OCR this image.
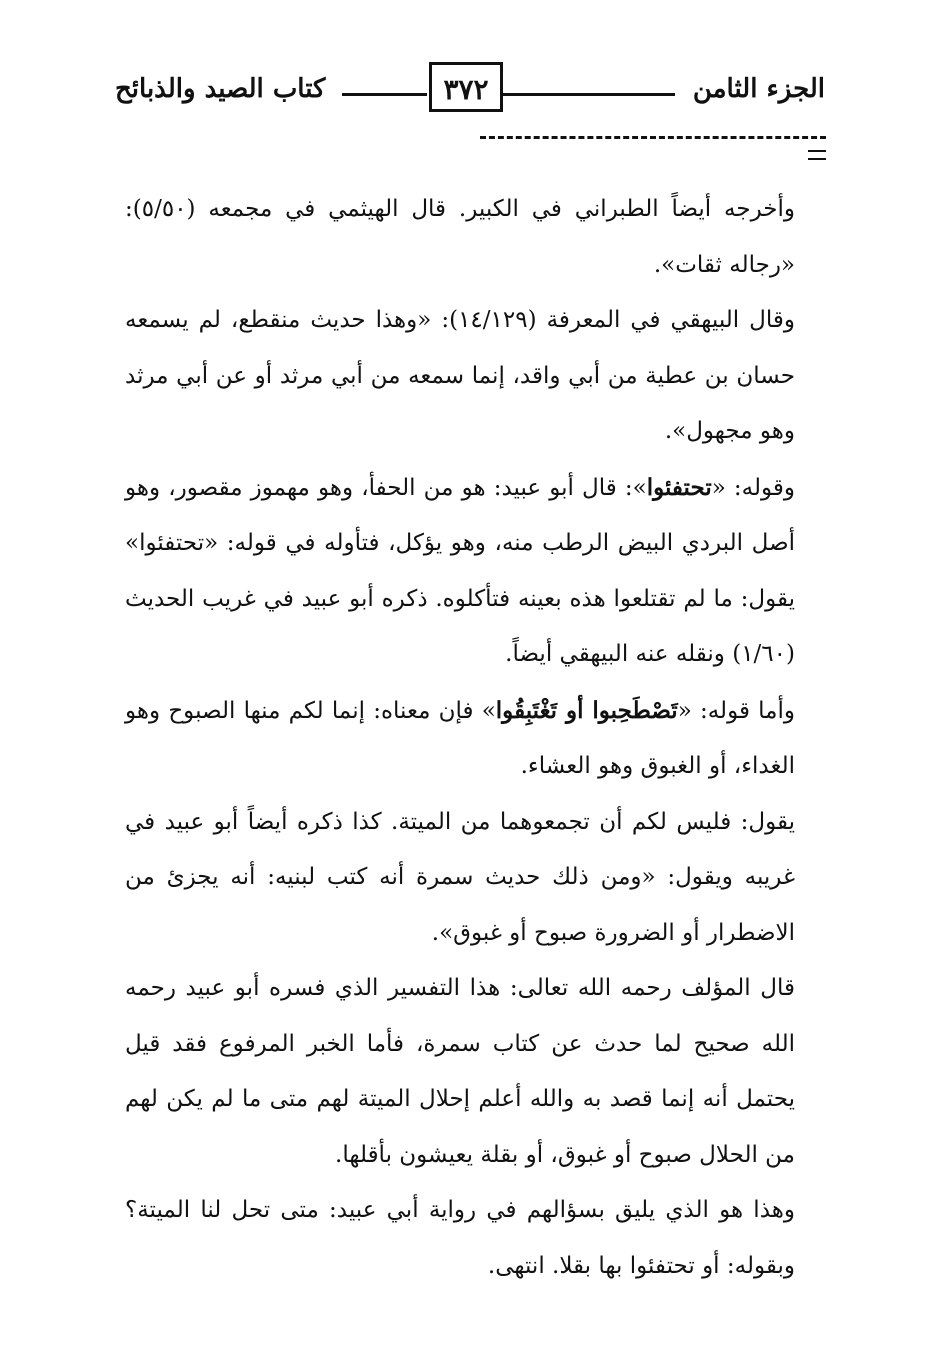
الجزء الثامن
٣٧٢
كتاب الصيد والذبائح

وأخرجه أيضاً الطبراني في الكبير. قال الهيثمي في مجمعه (٥/٥٠): «رجاله ثقات».

وقال البيهقي في المعرفة (١٤/١٢٩): «وهذا حديث منقطع، لم يسمعه حسان بن عطية من أبي واقد، إنما سمعه من أبي مرثد أو عن أبي مرثد وهو مجهول».

وقوله: «تحتفئوا»: قال أبو عبيد: هو من الحفأ، وهو مهموز مقصور، وهو أصل البردي البيض الرطب منه، وهو يؤكل، فتأوله في قوله: «تحتفئوا» يقول: ما لم تقتلعوا هذه بعينه فتأكلوه. ذكره أبو عبيد في غريب الحديث (١/٦٠) ونقله عنه البيهقي أيضاً.

وأما قوله: «تَصْطَحِبوا أو تَغْتَبِقُوا» فإن معناه: إنما لكم منها الصبوح وهو الغداء، أو الغبوق وهو العشاء.

يقول: فليس لكم أن تجمعوهما من الميتة. كذا ذكره أيضاً أبو عبيد في غريبه ويقول: «ومن ذلك حديث سمرة أنه كتب لبنيه: أنه يجزئ من الاضطرار أو الضرورة صبوح أو غبوق».

قال المؤلف رحمه الله تعالى: هذا التفسير الذي فسره أبو عبيد رحمه الله صحيح لما حدث عن كتاب سمرة، فأما الخبر المرفوع فقد قيل يحتمل أنه إنما قصد به والله أعلم إحلال الميتة لهم متى ما لم يكن لهم من الحلال صبوح أو غبوق، أو بقلة يعيشون بأقلها.

وهذا هو الذي يليق بسؤالهم في رواية أبي عبيد: متى تحل لنا الميتة؟ وبقوله: أو تحتفئوا بها بقلا. انتهى.
